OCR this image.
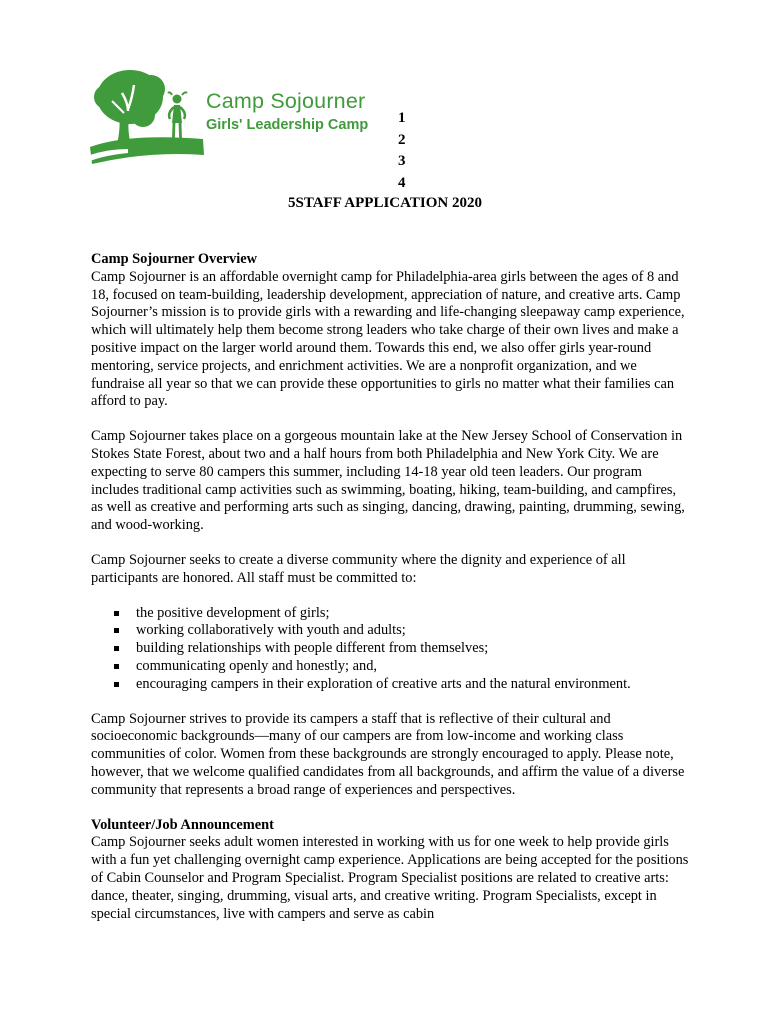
Camp Sojourner
Girls' Leadership Camp 1
2
3
4
5STAFF APPLICATION 2020
Camp Sojourner Overview

Camp Sojourner is an affordable overnight camp for Philadelphia-area girls between the ages of 8 and 18, focused on team-building, leadership development, appreciation of nature, and creative arts. Camp Sojourner’s mission is to provide girls with a rewarding and life-changing sleepaway camp experience, which will ultimately help them become strong leaders who take charge of their own lives and make a positive impact on the larger world around them. Towards this end, we also offer girls year-round mentoring, service projects, and enrichment activities. We are a nonprofit organization, and we fundraise all year so that we can provide these opportunities to girls no matter what their families can afford to pay.

Camp Sojourner takes place on a gorgeous mountain lake at the New Jersey School of Conservation in Stokes State Forest, about two and a half hours from both Philadelphia and New York City. We are expecting to serve 80 campers this summer, including 14-18 year old teen leaders. Our program includes traditional camp activities such as swimming, boating, hiking, team-building, and campfires, as well as creative and performing arts such as singing, dancing, drawing, painting, drumming, sewing, and wood-working.

Camp Sojourner seeks to create a diverse community where the dignity and experience of all participants are honored. All staff must be committed to:

the positive development of girls;
working collaboratively with youth and adults;
building relationships with people different from themselves;
communicating openly and honestly; and,
encouraging campers in their exploration of creative arts and the natural environment.

Camp Sojourner strives to provide its campers a staff that is reflective of their cultural and socioeconomic backgrounds—many of our campers are from low-income and working class communities of color. Women from these backgrounds are strongly encouraged to apply. Please note, however, that we welcome qualified candidates from all backgrounds, and affirm the value of a diverse community that represents a broad range of experiences and perspectives.

Volunteer/Job Announcement

Camp Sojourner seeks adult women interested in working with us for one week to help provide girls with a fun yet challenging overnight camp experience. Applications are being accepted for the positions of Cabin Counselor and Program Specialist. Program Specialist positions are related to creative arts: dance, theater, singing, drumming, visual arts, and creative writing. Program Specialists, except in special circumstances, live with campers and serve as cabin
